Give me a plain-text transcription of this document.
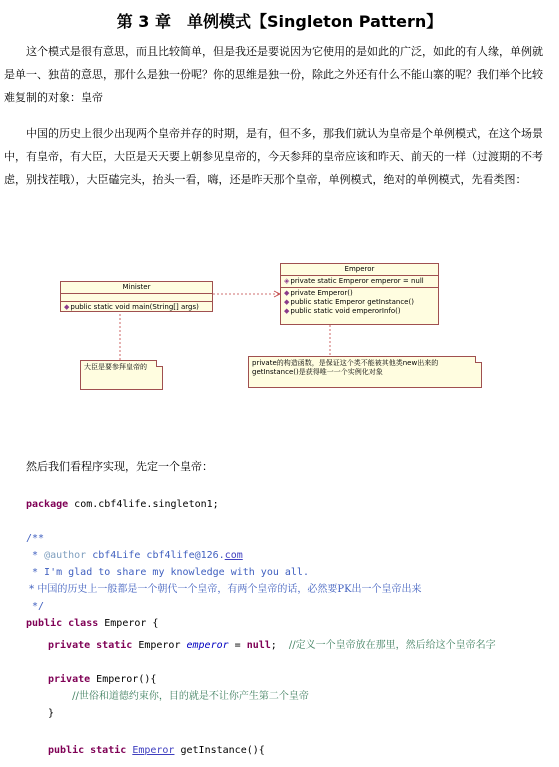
第 3 章　单例模式【Singleton Pattern】

这个模式是很有意思，而且比较简单，但是我还是要说因为它使用的是如此的广泛，如此的有人缘，单例就是单一、独苗的意思，那什么是独一份呢？你的思维是独一份，除此之外还有什么不能山寨的呢？我们举个比较难复制的对象：皇帝

中国的历史上很少出现两个皇帝并存的时期，是有，但不多，那我们就认为皇帝是个单例模式，在这个场景中，有皇帝，有大臣，大臣是天天要上朝参见皇帝的，今天参拜的皇帝应该和昨天、前天的一样（过渡期的不考虑，别找茬哦），大臣磕完头，抬头一看，嗨，还是昨天那个皇帝，单例模式，绝对的单例模式，先看类图：

Minister
◆public static void main(String[] args)
Emperor
◈private static Emperor emperor = null
◆private Emperor()
◆public static Emperor getInstance()
◆public static void emperorInfo()
大臣是要参拜皇帝的	private的构造函数，是保证这个类不能被其他类new出来的
getInstance()是获得唯一一个实例化对象

然后我们看程序实现，先定一个皇帝：

package com.cbf4life.singleton1;

/**
* @author cbf4Life cbf4life@126.com
* I'm glad to share my knowledge with you all.
* 中国的历史上一般都是一个朝代一个皇帝，有两个皇帝的话，必然要PK出一个皇帝出来
*/
public class Emperor {
private static Emperor emperor = null;  //定义一个皇帝放在那里，然后给这个皇帝名字
private Emperor(){
//世俗和道德约束你，目的就是不让你产生第二个皇帝
}
public static Emperor getInstance(){
